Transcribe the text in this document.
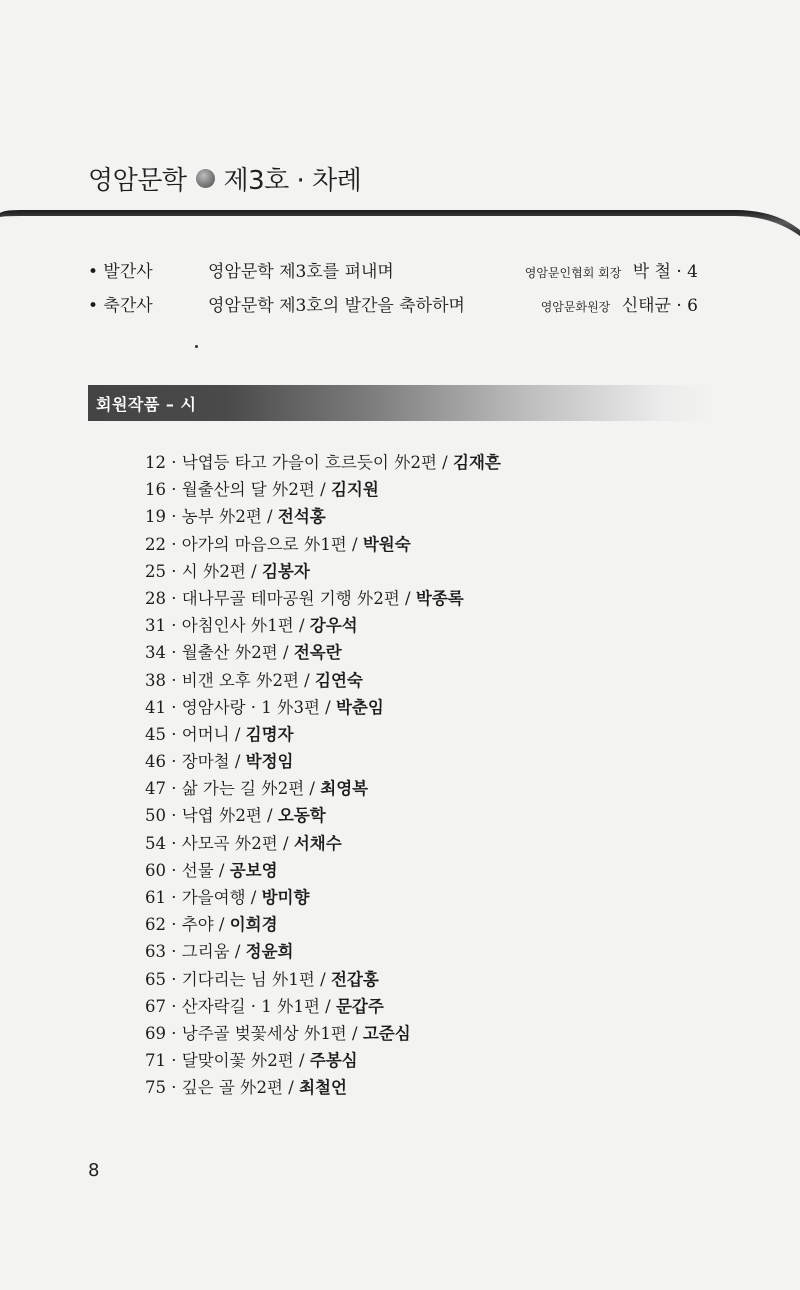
영암문학 제3호 · 차례
• 발간사	영암문학 제3호를 펴내며	영암문인협회 회장 박 철 · 4
• 축간사	영암문학 제3호의 발간을 축하하며	영암문화원장 신태균 · 6
회원작품 – 시
12 · 낙엽등 타고 가을이 흐르듯이 外2편 / 김재흔
16 · 월출산의 달 外2편 / 김지원
19 · 농부 外2편 / 전석홍
22 · 아가의 마음으로 外1편 / 박원숙
25 · 시 外2편 / 김봉자
28 · 대나무골 테마공원 기행 外2편 / 박종록
31 · 아침인사 外1편 / 강우석
34 · 월출산 外2편 / 전옥란
38 · 비갠 오후 外2편 / 김연숙
41 · 영암사랑 · 1 外3편 / 박춘임
45 · 어머니 / 김명자
46 · 장마철 / 박정임
47 · 삶 가는 길 外2편 / 최영복
50 · 낙엽 外2편 / 오동학
54 · 사모곡 外2편 / 서채수
60 · 선물 / 공보영
61 · 가을여행 / 방미향
62 · 추야 / 이희경
63 · 그리움 / 정윤희
65 · 기다리는 님 外1편 / 전갑홍
67 · 산자락길 · 1 外1편 / 문갑주
69 · 낭주골 벚꽃세상 外1편 / 고준심
71 · 달맞이꽃 外2편 / 주봉심
75 · 깊은 골 外2편 / 최철언
8
